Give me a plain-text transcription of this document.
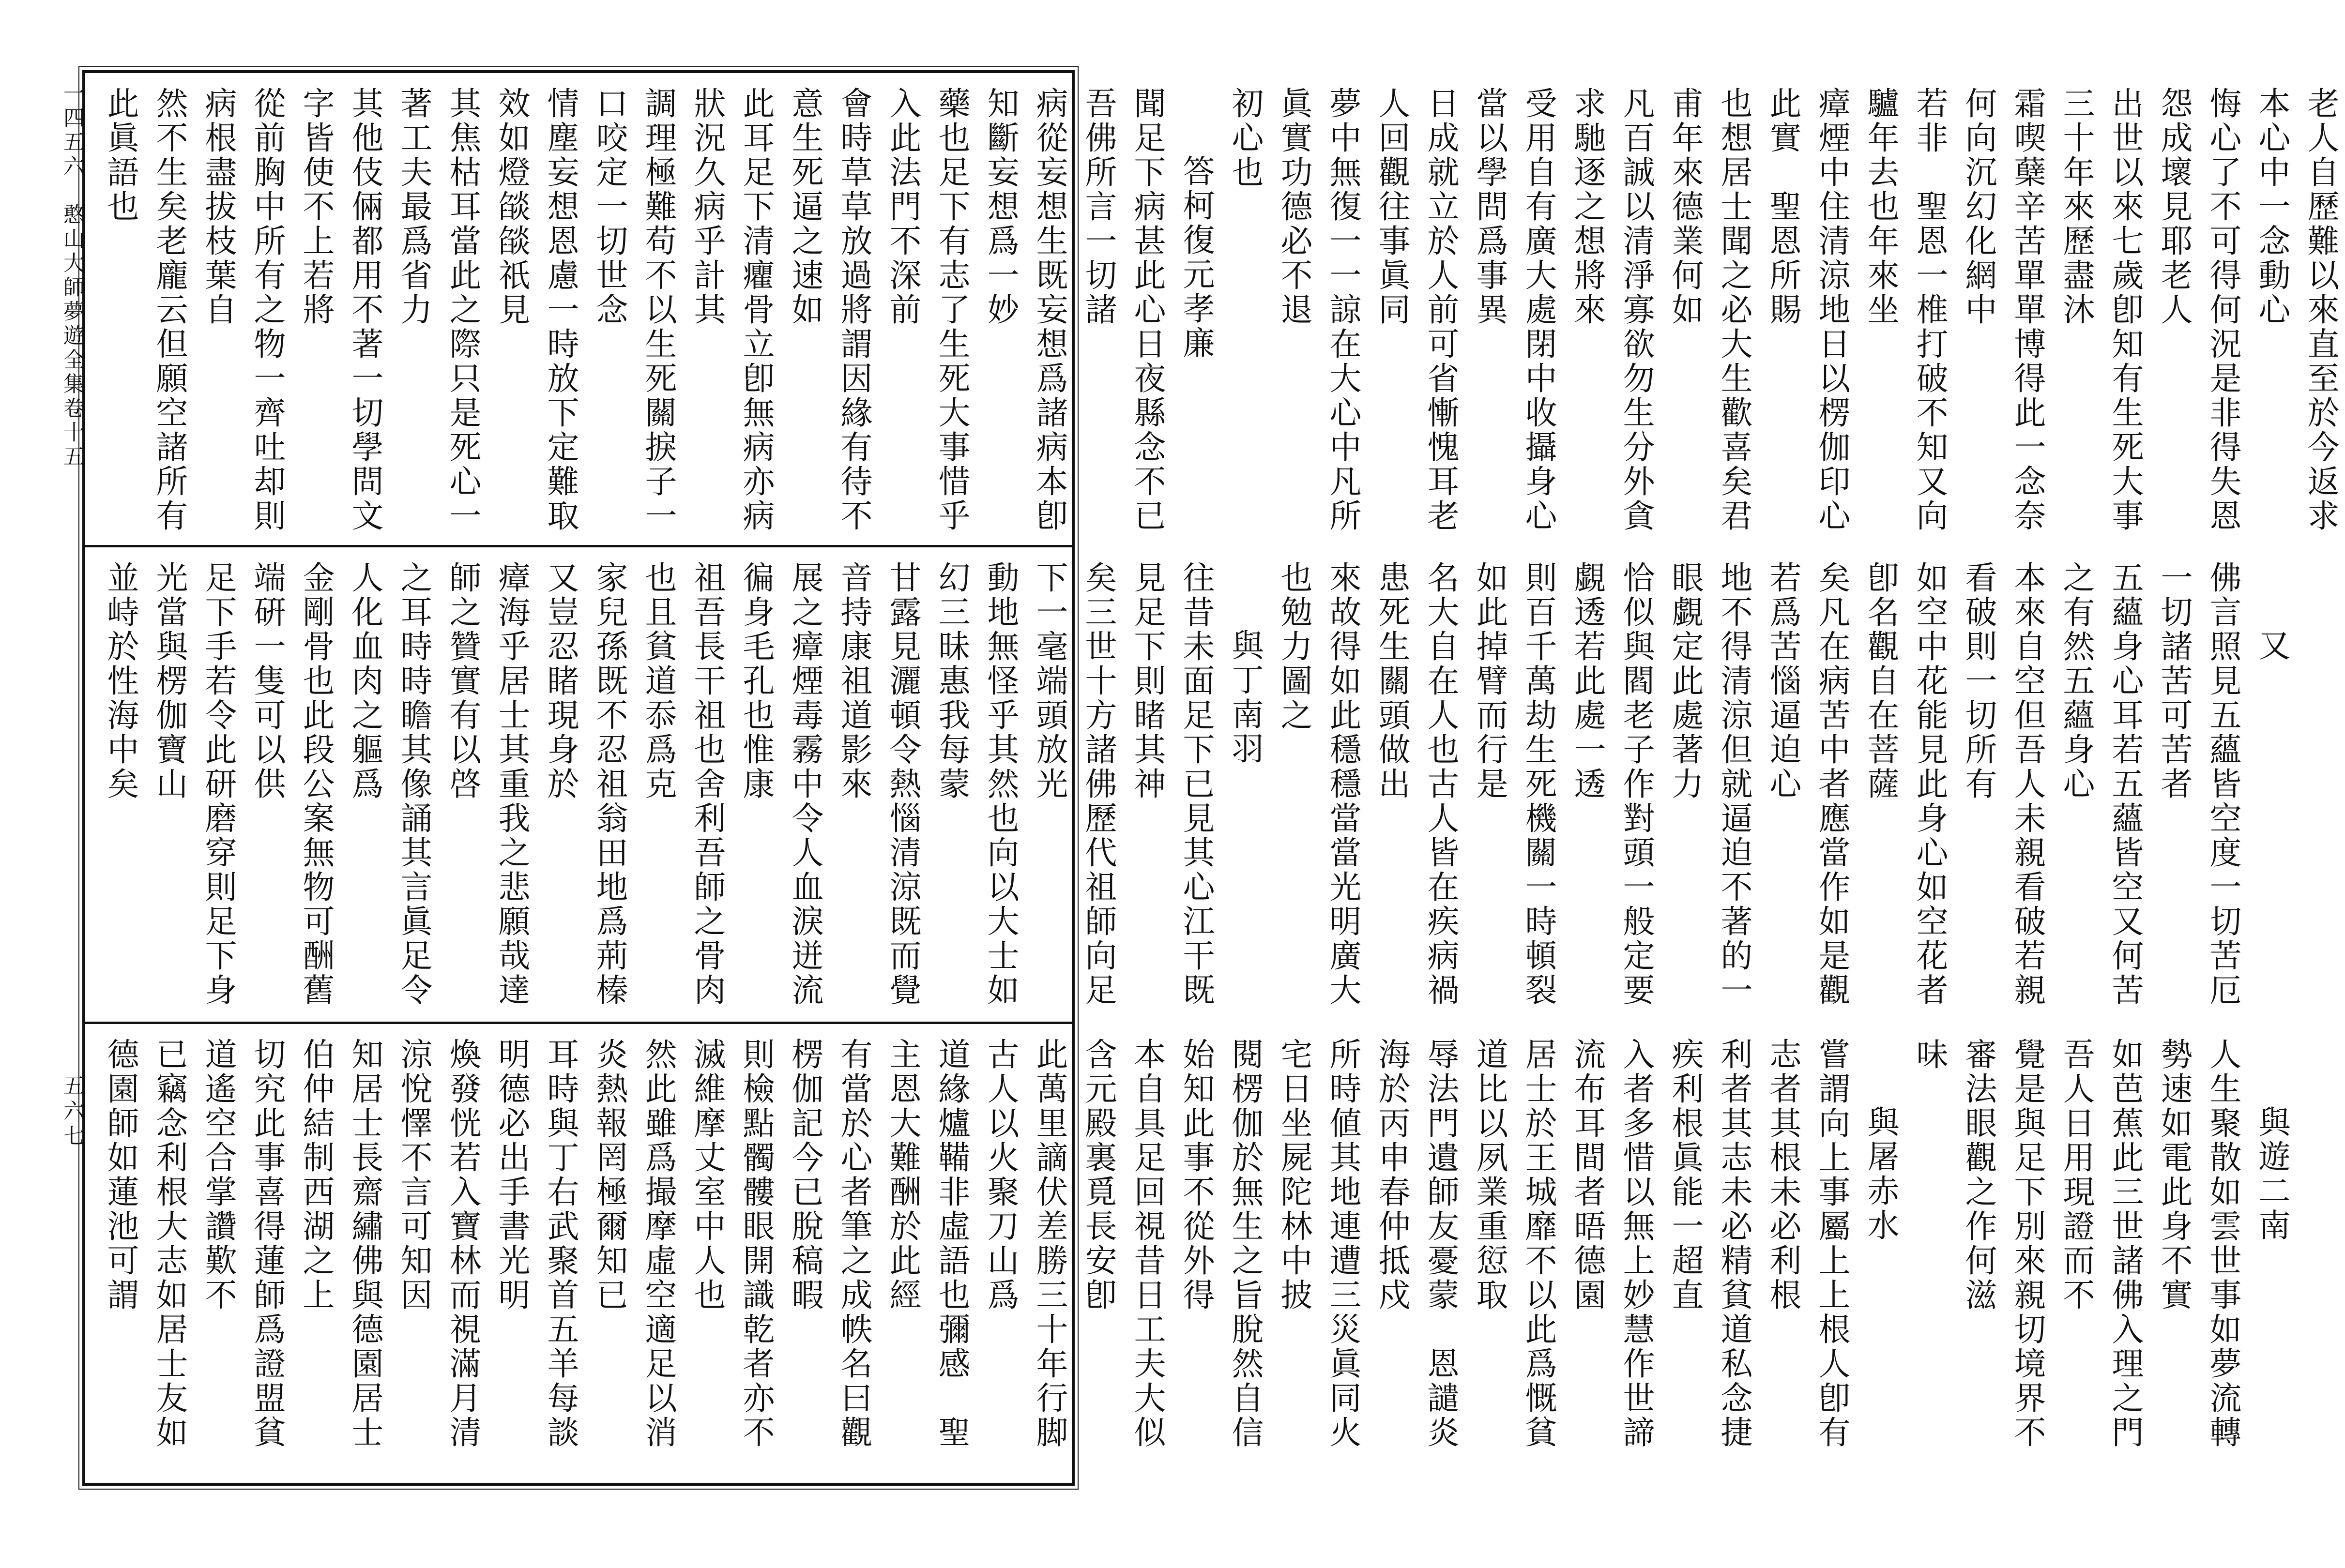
一四五六　憨山大師夢遊全集卷十五
五六七
老人自歷難以來直至於今返求本心中一念動心
悔心了不可得何況是非得失恩怨成壞見耶老人
出世以來七歲卽知有生死大事三十年來歷盡沐
霜喫蘖辛苦單單博得此一念奈何向沉幻化網中
若非　聖恩一椎打破不知又向驢年去也年來坐
瘴煙中住清涼地日以楞伽印心此實　聖恩所賜
也想居士聞之必大生歡喜矣君甫年來德業何如
凡百誠以清淨寡欲勿生分外貪求馳逐之想將來
受用自有廣大處閉中收攝身心當以學問爲事異
日成就立於人前可省慚愧耳老人回觀往事眞同
夢中無復一一諒在大心中凡所眞實功德必不退
初心也
答柯復元孝廉
聞足下病甚此心日夜縣念不已吾佛所言一切諸
病從妄想生既妄想爲諸病本卽知斷妄想爲一妙
藥也足下有志了生死大事惜乎入此法門不深前
會時草草放過將謂因緣有待不意生死逼之速如
此耳足下清癯骨立卽無病亦病狀況久病乎計其
調理極難苟不以生死關捩子一口咬定一切世念
情塵妄想恩慮一時放下定難取效如燈燄燄祇見
其焦枯耳當此之際只是死心一著工夫最爲省力
其他伎倆都用不著一切學問文字皆使不上若將
從前胸中所有之物一齊吐却則病根盡拔枝葉自
然不生矣老龐云但願空諸所有此眞語也
又
佛言照見五蘊皆空度一切苦厄一切諸苦可苦者
五蘊身心耳若五蘊皆空又何苦之有然五蘊身心
本來自空但吾人未親看破若親看破則一切所有
如空中花能見此身心如空花者卽名觀自在菩薩
矣凡在病苦中者應當作如是觀若爲苦惱逼迫心
地不得清涼但就逼迫不著的一眼覷定此處著力
恰似與閻老子作對頭一般定要覷透若此處一透
則百千萬劫生死機關一時頓裂如此掉臂而行是
名大自在人也古人皆在疾病禍患死生關頭做出
來故得如此穩穩當當光明廣大也勉力圖之
與丁南羽
往昔未面足下已見其心江干既見足下則睹其神
矣三世十方諸佛歷代祖師向足下一毫端頭放光
動地無怪乎其然也向以大士如幻三昧惠我每蒙
甘露見灑頓令熱惱清涼既而覺音持康祖道影來
展之瘴煙毒霧中令人血淚迸流徧身毛孔也惟康
祖吾長干祖也舍利吾師之骨肉也且貧道忝爲克
家兒孫既不忍祖翁田地爲荊榛又豈忍睹現身於
瘴海乎居士其重我之悲願哉達師之贊實有以啓
之耳時時瞻其像誦其言眞足令人化血肉之軀爲
金剛骨也此段公案無物可酬舊端硏一隻可以供
足下手若令此研磨穿則足下身光當與楞伽寶山
並峙於性海中矣
與遊二南
人生聚散如雲世事如夢流轉勢速如電此身不實
如芭蕉此三世諸佛入理之門吾人日用現證而不
覺是與足下別來親切境界不審法眼觀之作何滋
味
與屠赤水
嘗謂向上事屬上上根人卽有志者其根未必利根
利者其志未必精貧道私念捷疾利根眞能一超直
入者多惜以無上妙慧作世諦流布耳間者晤德園
居士於王城靡不以此爲慨貧道比以夙業重愆取
辱法門遺師友憂蒙　恩譴炎海於丙申春仲抵戍
所時値其地連遭三災眞同火宅日坐屍陀林中披
閱楞伽於無生之旨脫然自信始知此事不從外得
本自具足回視昔日工夫大似含元殿裏覓長安卽
此萬里謫伏差勝三十年行脚古人以火聚刀山爲
道緣爐鞴非虛語也彌感　聖主恩大難酬於此經
有當於心者筆之成帙名曰觀楞伽記今已脫稿暇
則檢點髑髏眼開識乾者亦不滅維摩丈室中人也
然此雖爲撮摩虛空適足以消炎熱報罔極爾知已
耳時與丁右武聚首五羊每談明德必出手書光明
煥發恍若入寶林而視滿月清涼悅懌不言可知因
知居士長齋繡佛與德園居士伯仲結制西湖之上
切究此事喜得蓮師爲證盟貧道遙空合掌讚歎不
已竊念利根大志如居士友如德園師如蓮池可謂
